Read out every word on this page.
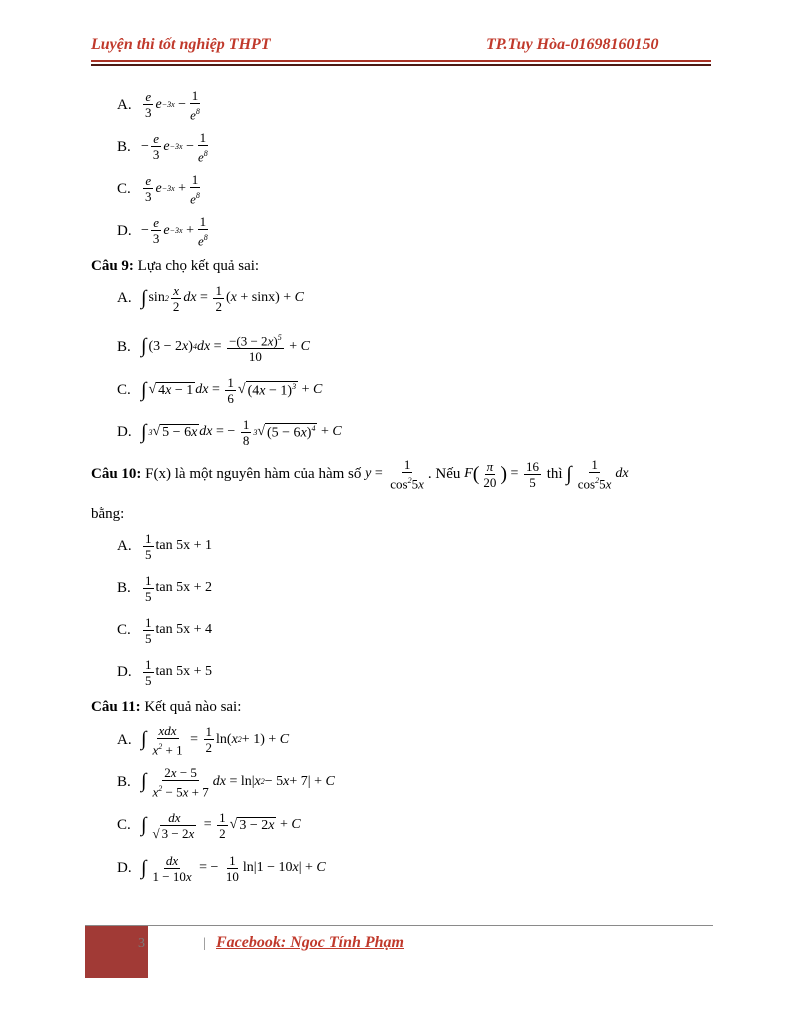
Luyện thi tốt nghiệp THPT	TP.Tuy Hòa-01698160150
A. $\frac{e}{3}$ e −3x
− $\frac{1}{e^8}$
B. − $\frac{e}{3}$ e −3x
− $\frac{1}{e^8}$
C. $\frac{e}{3}$ e −3x
+ $\frac{1}{e^8}$
D. − $\frac{e}{3}$ e −3x
+ $\frac{1}{e^8}$
Câu 9: Lựa chọ kết quả sai:
A. ∫ $\sin 2 \frac{x}{2}$ dx = $\frac{1}{2}$ ( x + sinx) + C
B. ∫ (3 − 2 x ) 4 dx = $\frac{-(3 - 2x)^5}{10} + C$
C. ∫ √ 4x − 1 dx = $\frac{1}{6}$ √ $(4x - 1)^3 + C$
D. ∫ 3 √ 5 − 6x dx = − $\frac{1}{8} 3$ √ $(5 - 6x)^4 + C$
Câu 10:
F(x) là một nguyên hàm của hàm số
$y = \frac{1}{\cos^25x}$ . Nếu
F ( $\frac{\pi}{20}$ ) = $\frac{16}{5}$
thì
∫ $\frac{1}{\cos^25x}$ dx
bằng:
A. $\frac{1}{5}$ tan 5x + 1
B. $\frac{1}{5}$ tan 5x + 2
C. $\frac{1}{5}$ tan 5x + 4
D. $\frac{1}{5}$ tan 5x + 5
Câu 11: Kết quả nào sai:
A. ∫ $\frac{\text{xdx}}{x^2 + 1} = \frac{1}{2} \ln$( x 2 + 1) + C
B. ∫ $\frac{2x - 5}{x^2 - 5x + 7}$ dx = ln| x 2 − 5 x + 7| + C
C. ∫ $\frac{dx}{√ 3 - 2x} = \frac{1}{2}$ √ 3 − 2x + C
D. ∫ $\frac{dx}{1 - 10x}$ = − $\frac{1}{10} \ln|1 - 10$ x | + C
3	| Facebook: Ngoc Tính Phạm
